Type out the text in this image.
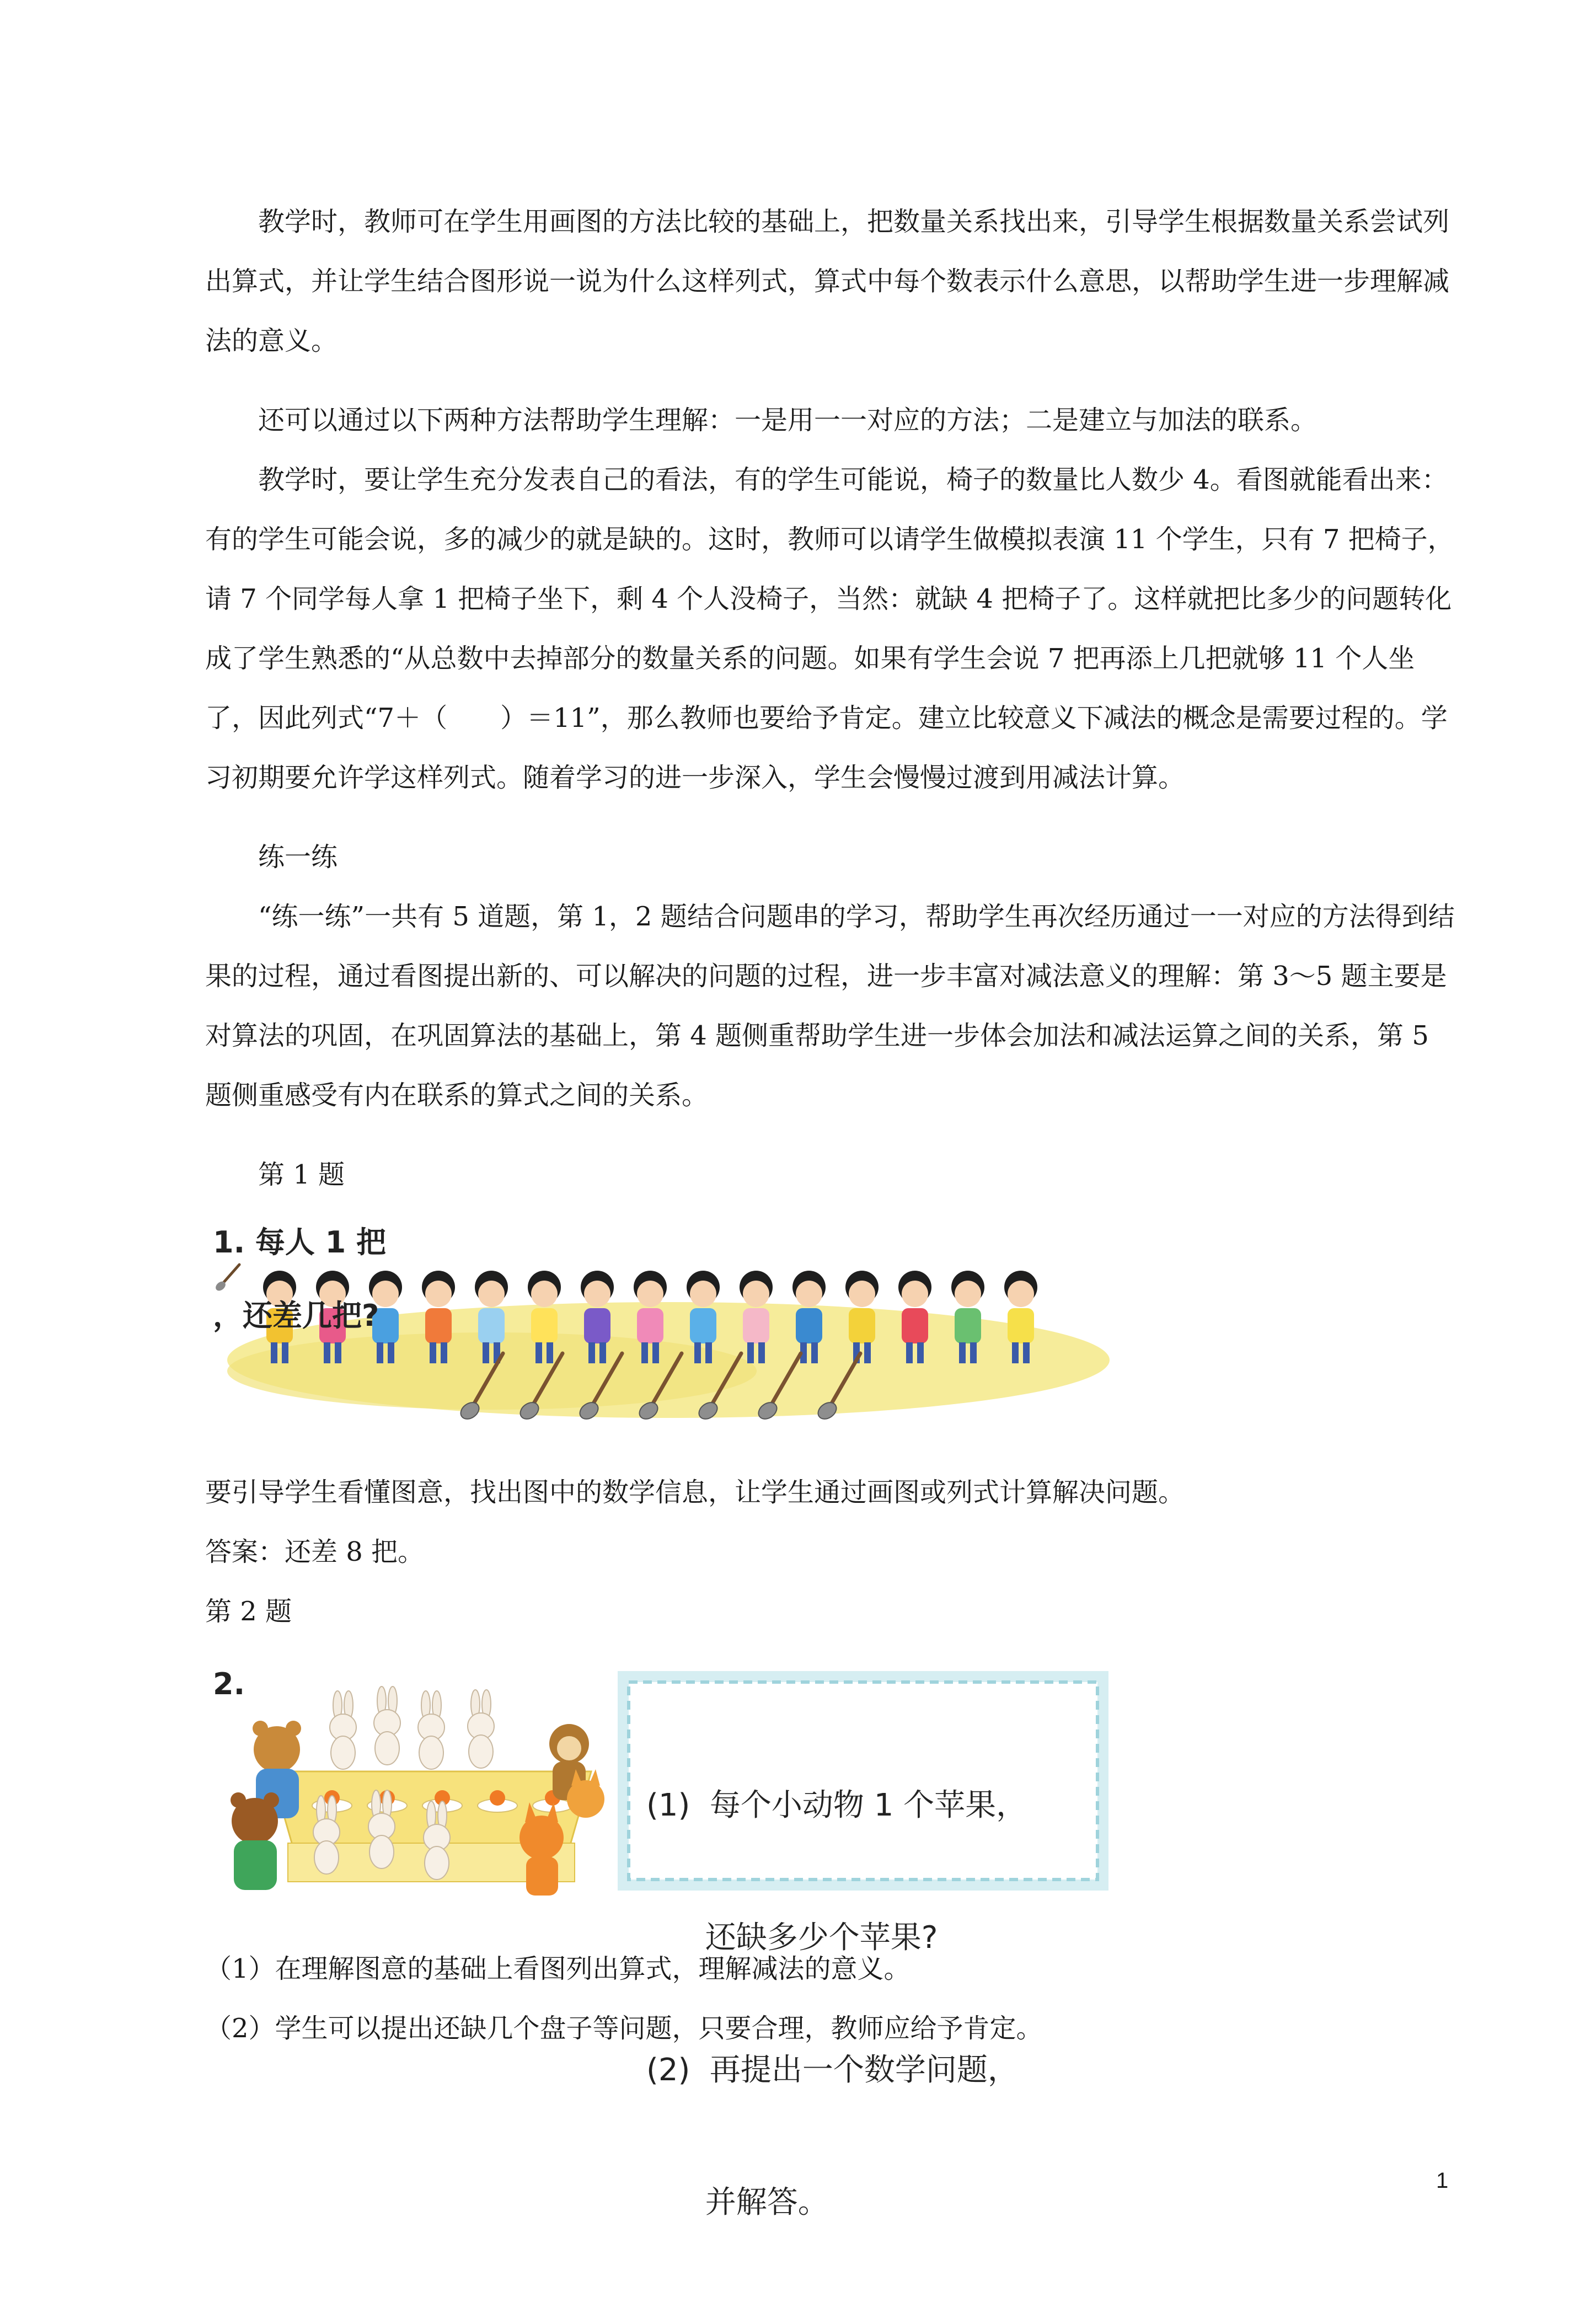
教学时，教师可在学生用画图的方法比较的基础上，把数量关系找出来，引导学生根据数量关系尝试列出算式，并让学生结合图形说一说为什么这样列式，算式中每个数表示什么意思，以帮助学生进一步理解减法的意义。

还可以通过以下两种方法帮助学生理解：一是用一一对应的方法；二是建立与加法的联系。

教学时，要让学生充分发表自己的看法，有的学生可能说，椅子的数量比人数少 4。看图就能看出来：有的学生可能会说，多的减少的就是缺的。这时，教师可以请学生做模拟表演 11 个学生，只有 7 把椅子，请 7 个同学每人拿 1 把椅子坐下，剩 4 个人没椅子，当然：就缺 4 把椅子了。这样就把比多少的问题转化成了学生熟悉的“从总数中去掉部分的数量关系的问题。如果有学生会说 7 把再添上几把就够 11 个人坐了，因此列式“7＋（　　）＝11”，那么教师也要给予肯定。建立比较意义下减法的概念是需要过程的。学习初期要允许学这样列式。随着学习的进一步深入，学生会慢慢过渡到用减法计算。

练一练

“练一练”一共有 5 道题，第 1，2 题结合问题串的学习，帮助学生再次经历通过一一对应的方法得到结果的过程，通过看图提出新的、可以解决的问题的过程，进一步丰富对减法意义的理解：第 3～5 题主要是对算法的巩固，在巩固算法的基础上，第 4 题侧重帮助学生进一步体会加法和减法运算之间的关系，第 5 题侧重感受有内在联系的算式之间的关系。

第 1 题

1. 每人 1 把
，还差几把?

要引导学生看懂图意，找出图中的数学信息，让学生通过画图或列式计算解决问题。

答案：还差 8 把。

第 2 题

2.

(1)  每个小动物 1 个苹果，

还缺多少个苹果?

(2)  再提出一个数学问题，

并解答。

（1）在理解图意的基础上看图列出算式，理解减法的意义。

（2）学生可以提出还缺几个盘子等问题，只要合理，教师应给予肯定。

1
